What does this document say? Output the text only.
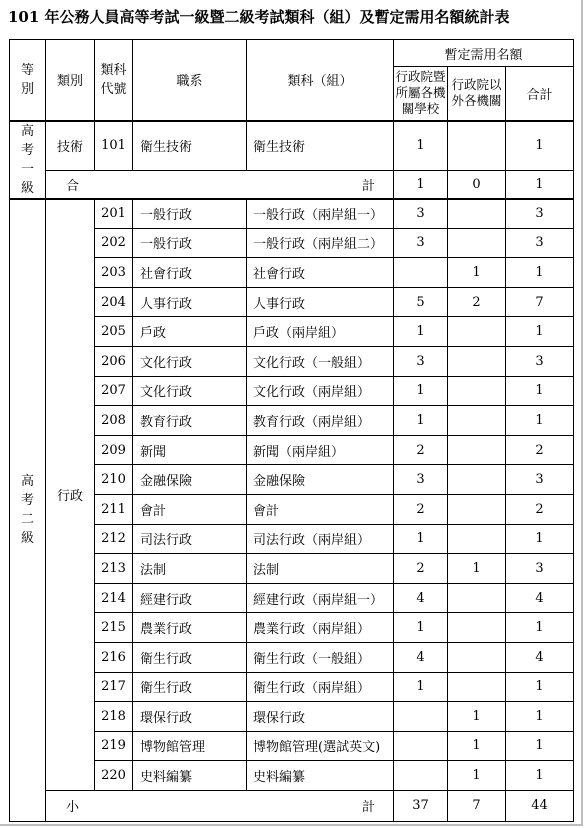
101 年公務人員高等考試一級暨二級考試類科（組）及暫定需用名額統計表
等別	類別	類科代號	職系	類科（組）	暫定需用名額		

					行政院暨所屬各機關學校	行政院以外各機關	合計
高考一級	技術	101	衛生技術	衛生技術	1		1

	合 計				1	0	1
高考二級	行政	201	一般行政	一般行政（兩岸組一）	3		3
		202	一般行政	一般行政（兩岸組二）	3		3
		203	社會行政	社會行政		1	1
		204	人事行政	人事行政	5	2	7
		205	戶政	戶政（兩岸組）	1		1
		206	文化行政	文化行政（一般組）	3		3
		207	文化行政	文化行政（兩岸組）	1		1
		208	教育行政	教育行政（兩岸組）	1		1
		209	新聞	新聞（兩岸組）	2		2
		210	金融保險	金融保險	3		3
		211	會計	會計	2		2
		212	司法行政	司法行政（兩岸組）	1		1
		213	法制	法制	2	1	3
		214	經建行政	經建行政（兩岸組一）	4		4
		215	農業行政	農業行政（兩岸組）	1		1
		216	衛生行政	衛生行政（一般組）	4		4
		217	衛生行政	衛生行政（兩岸組）	1		1
		218	環保行政	環保行政		1	1
		219	博物館管理	博物館管理(選試英文)		1	1
		220	史料編纂	史料編纂		1	1

	小 計				37	7	44
